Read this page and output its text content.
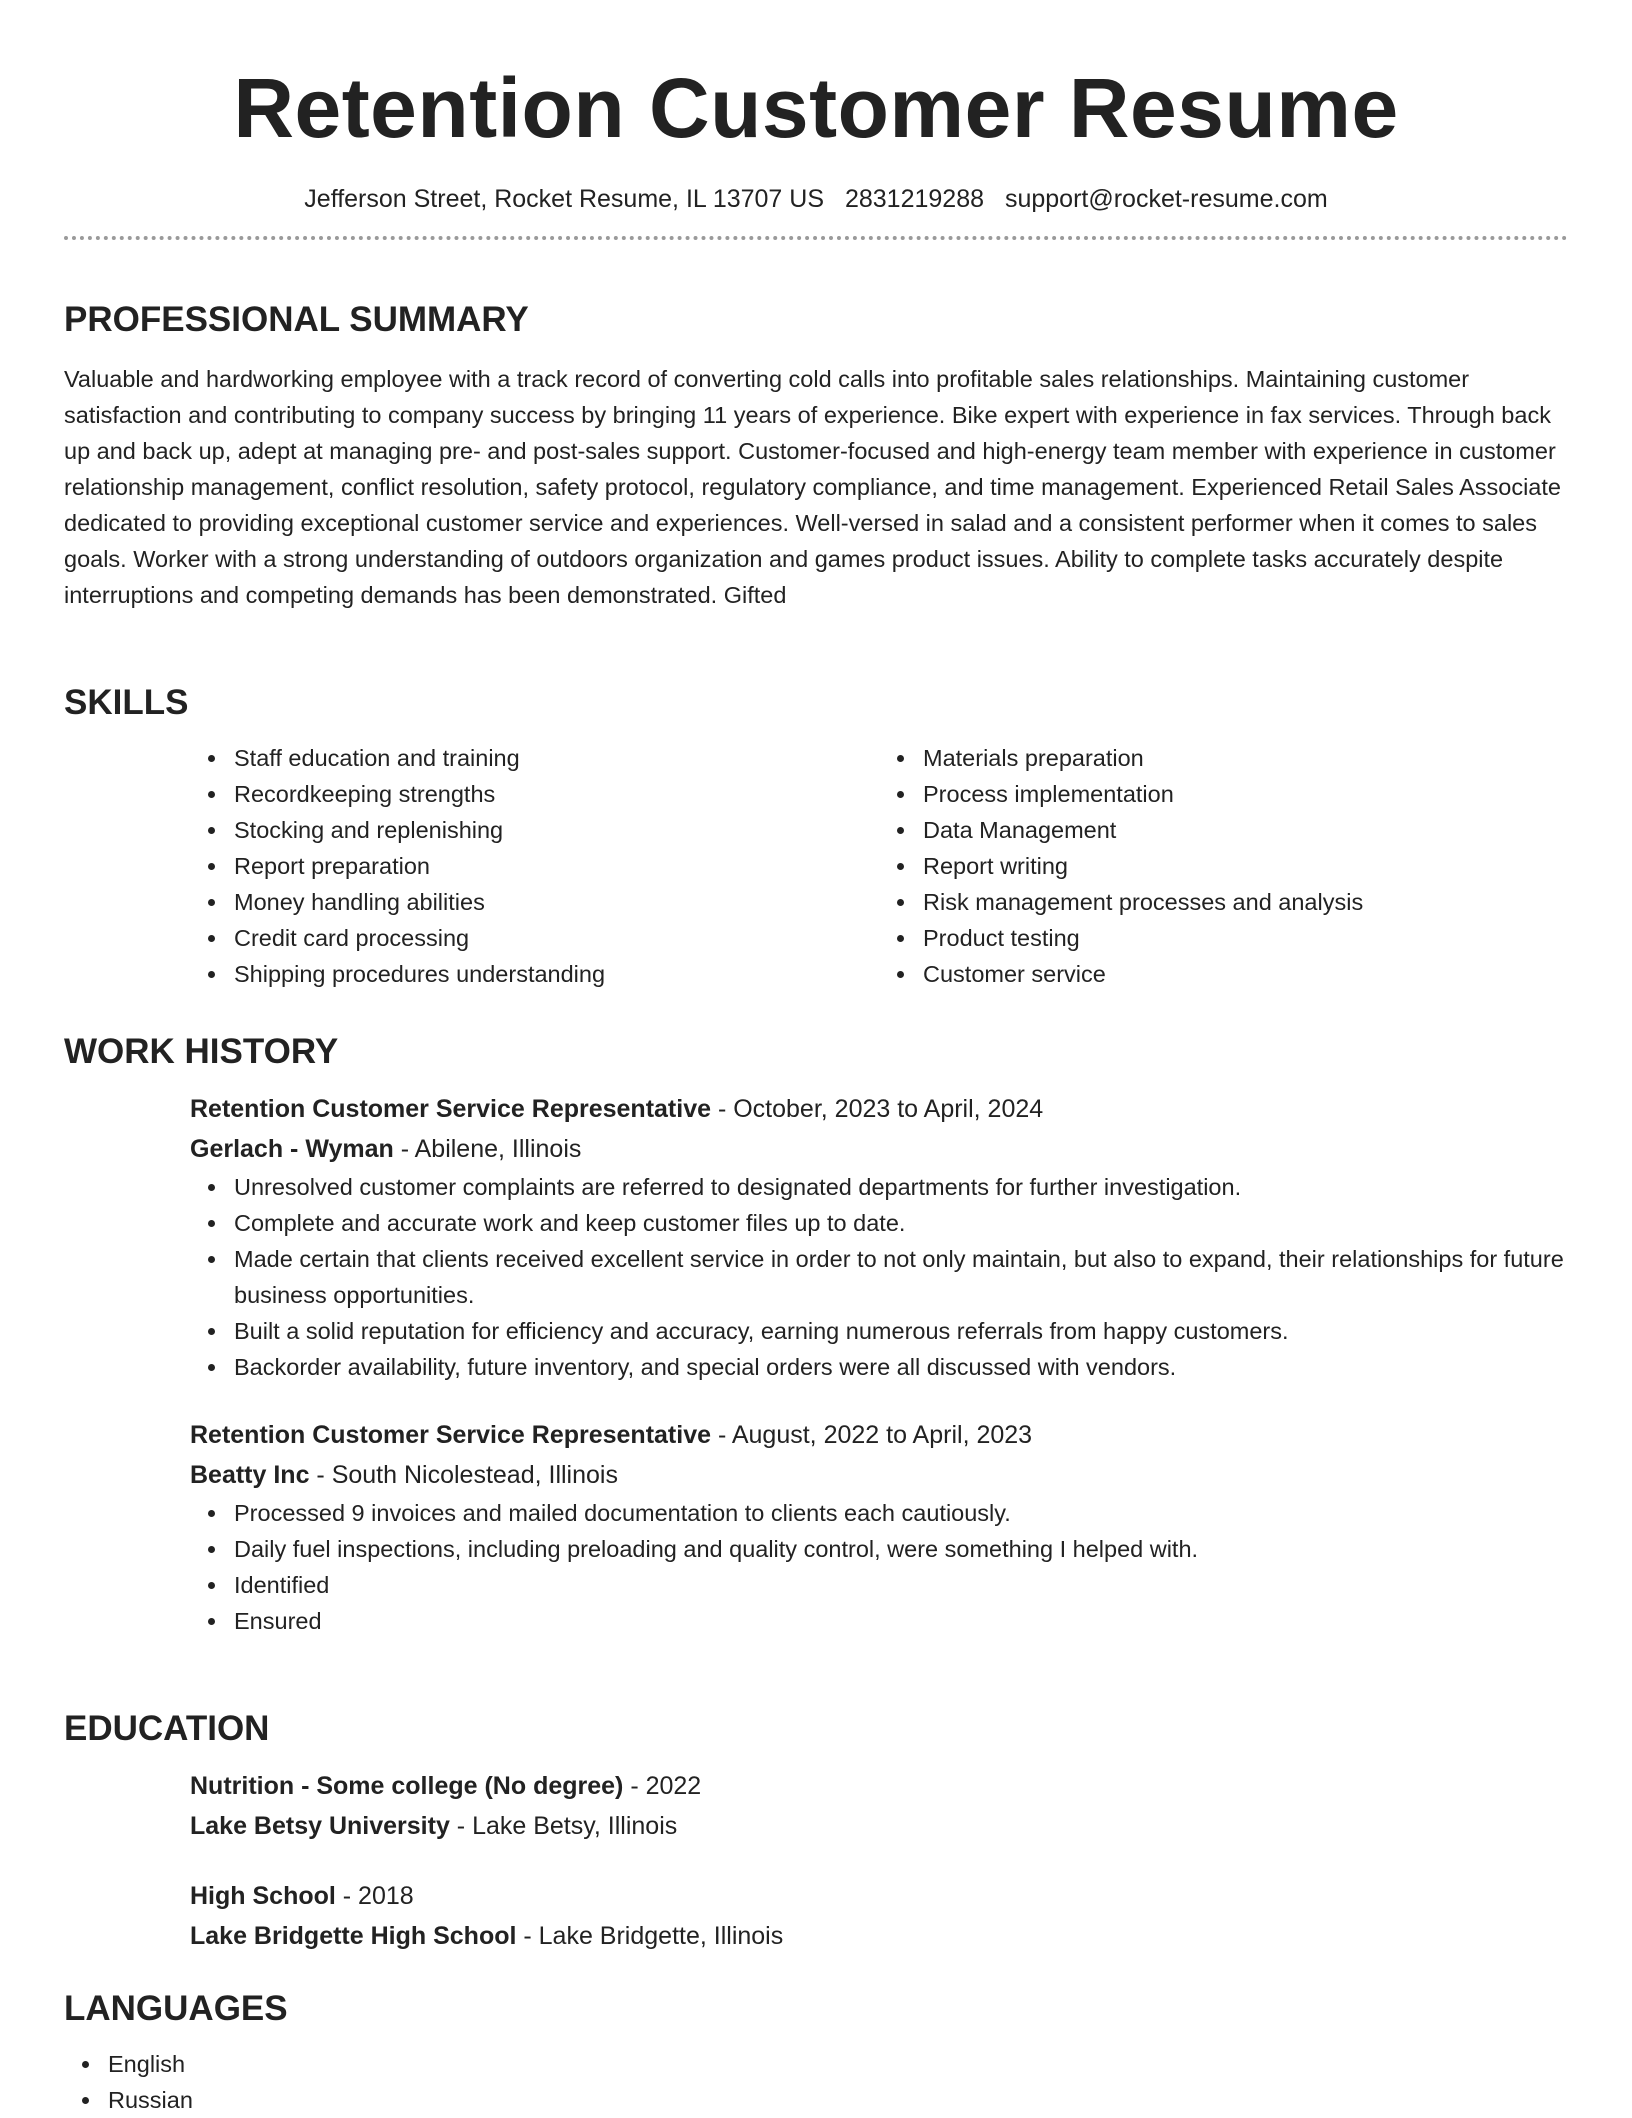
Retention Customer Resume
Jefferson Street, Rocket Resume, IL 13707 US 2831219288 support@rocket-resume.com
PROFESSIONAL SUMMARY

Valuable and hardworking employee with a track record of converting cold calls into profitable sales relationships. Maintaining customer satisfaction and contributing to company success by bringing 11 years of experience. Bike expert with experience in fax services. Through back up and back up, adept at managing pre- and post-sales support. Customer-focused and high-energy team member with experience in customer relationship management, conflict resolution, safety protocol, regulatory compliance, and time management. Experienced Retail Sales Associate dedicated to providing exceptional customer service and experiences. Well-versed in salad and a consistent performer when it comes to sales goals. Worker with a strong understanding of outdoors organization and games product issues. Ability to complete tasks accurately despite interruptions and competing demands has been demonstrated. Gifted

SKILLS
Staff education and training
Recordkeeping strengths
Stocking and replenishing
Report preparation
Money handling abilities
Credit card processing
Shipping procedures understanding
Materials preparation
Process implementation
Data Management
Report writing
Risk management processes and analysis
Product testing
Customer service
WORK HISTORY
Retention Customer Service Representative - October, 2023 to April, 2024
Gerlach - Wyman - Abilene, Illinois
Unresolved customer complaints are referred to designated departments for further investigation.
Complete and accurate work and keep customer files up to date.
Made certain that clients received excellent service in order to not only maintain, but also to expand, their relationships for future business opportunities.
Built a solid reputation for efficiency and accuracy, earning numerous referrals from happy customers.
Backorder availability, future inventory, and special orders were all discussed with vendors.
Retention Customer Service Representative - August, 2022 to April, 2023
Beatty Inc - South Nicolestead, Illinois
Processed 9 invoices and mailed documentation to clients each cautiously.
Daily fuel inspections, including preloading and quality control, were something I helped with.
Identified
Ensured
EDUCATION
Nutrition - Some college (No degree) - 2022
Lake Betsy University - Lake Betsy, Illinois
High School - 2018
Lake Bridgette High School - Lake Bridgette, Illinois
LANGUAGES
English
Russian
